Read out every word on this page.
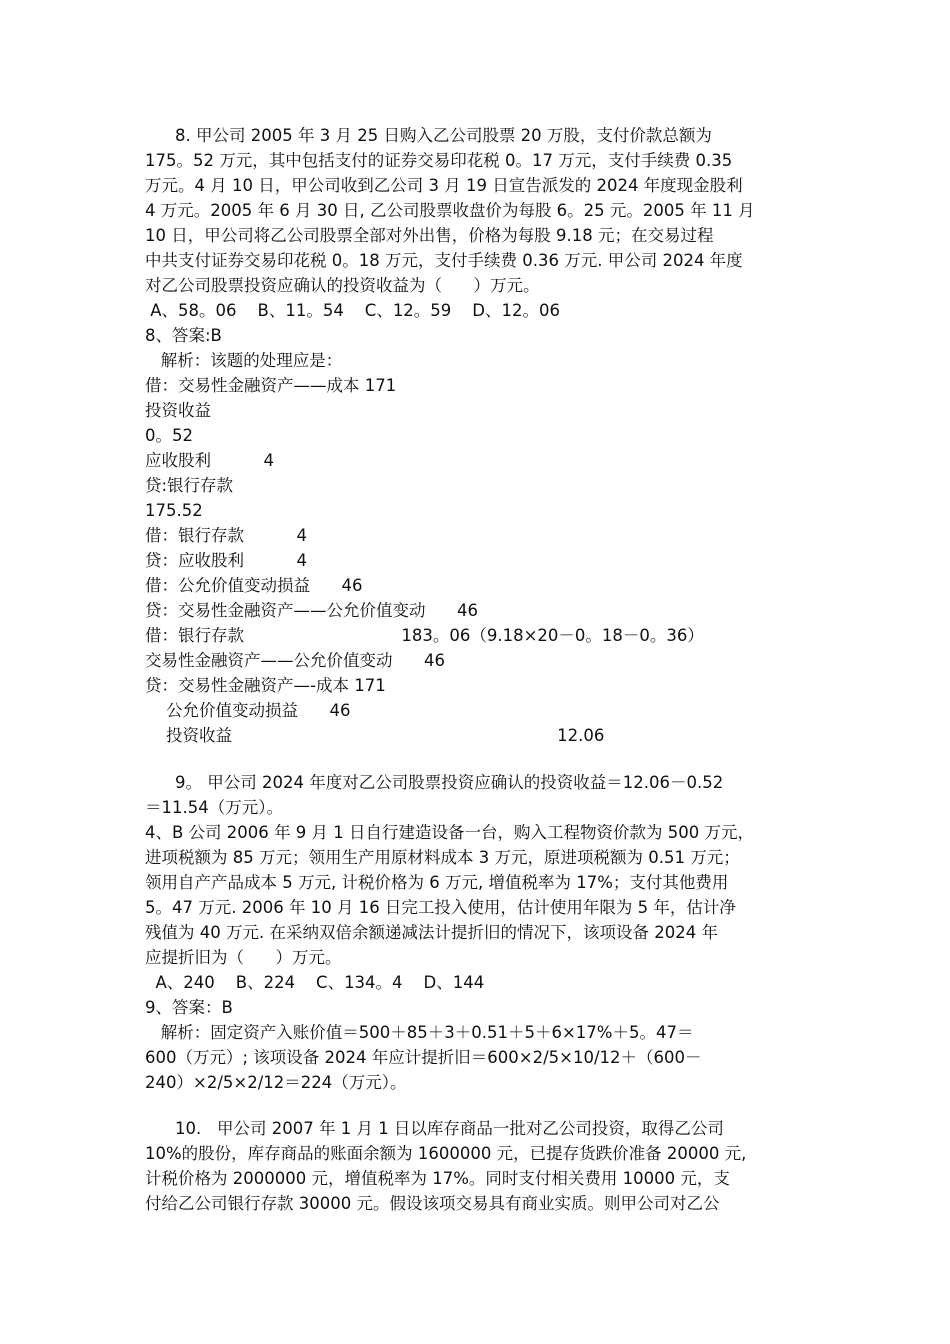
8. 甲公司 2005 年 3 月 25 日购入乙公司股票 20 万股，支付价款总额为
175。52 万元，其中包括支付的证券交易印花税 0。17 万元，支付手续费 0.35
万元。4 月 10 日，甲公司收到乙公司 3 月 19 日宣告派发的 2024 年度现金股利
4 万元。2005 年 6 月 30 日, 乙公司股票收盘价为每股 6。25 元。2005 年 11 月
10 日，甲公司将乙公司股票全部对外出售，价格为每股 9.18 元；在交易过程
中共支付证券交易印花税 0。18 万元，支付手续费 0.36 万元. 甲公司 2024 年度
对乙公司股票投资应确认的投资收益为（      ）万元。
A、58。06    B、11。54    C、12。59    D、12。06
8、答案:B
解析：该题的处理应是：
借：交易性金融资产——成本 171
投资收益
0。52
应收股利          4
贷:银行存款
175.52
借：银行存款          4
贷：应收股利          4
借：公允价值变动损益      46
贷：交易性金融资产——公允价值变动      46
借：银行存款                              183。06（9.18×20－0。18－0。36）
交易性金融资产——公允价值变动      46
贷：交易性金融资产—-成本 171
公允价值变动损益      46
投资收益                                                              12.06
9。 甲公司 2024 年度对乙公司股票投资应确认的投资收益＝12.06－0.52
＝11.54（万元）。
4、B 公司 2006 年 9 月 1 日自行建造设备一台，购入工程物资价款为 500 万元，
进项税额为 85 万元；领用生产用原材料成本 3 万元，原进项税额为 0.51 万元；
领用自产产品成本 5 万元, 计税价格为 6 万元, 增值税率为 17%；支付其他费用
5。47 万元. 2006 年 10 月 16 日完工投入使用，估计使用年限为 5 年，估计净
残值为 40 万元. 在采纳双倍余额递减法计提折旧的情况下，该项设备 2024 年
应提折旧为（      ）万元。
A、240    B、224    C、134。4    D、144
9、答案：B
解析：固定资产入账价值＝500＋85＋3＋0.51＋5＋6×17%＋5。47＝
600（万元）; 该项设备 2024 年应计提折旧＝600×2/5×10/12＋（600－
240）×2/5×2/12＝224（万元）。
10.   甲公司 2007 年 1 月 1 日以库存商品一批对乙公司投资，取得乙公司
10%的股份，库存商品的账面余额为 1600000 元，已提存货跌价准备 20000 元,
计税价格为 2000000 元，增值税率为 17%。同时支付相关费用 10000 元，支
付给乙公司银行存款 30000 元。假设该项交易具有商业实质。则甲公司对乙公
